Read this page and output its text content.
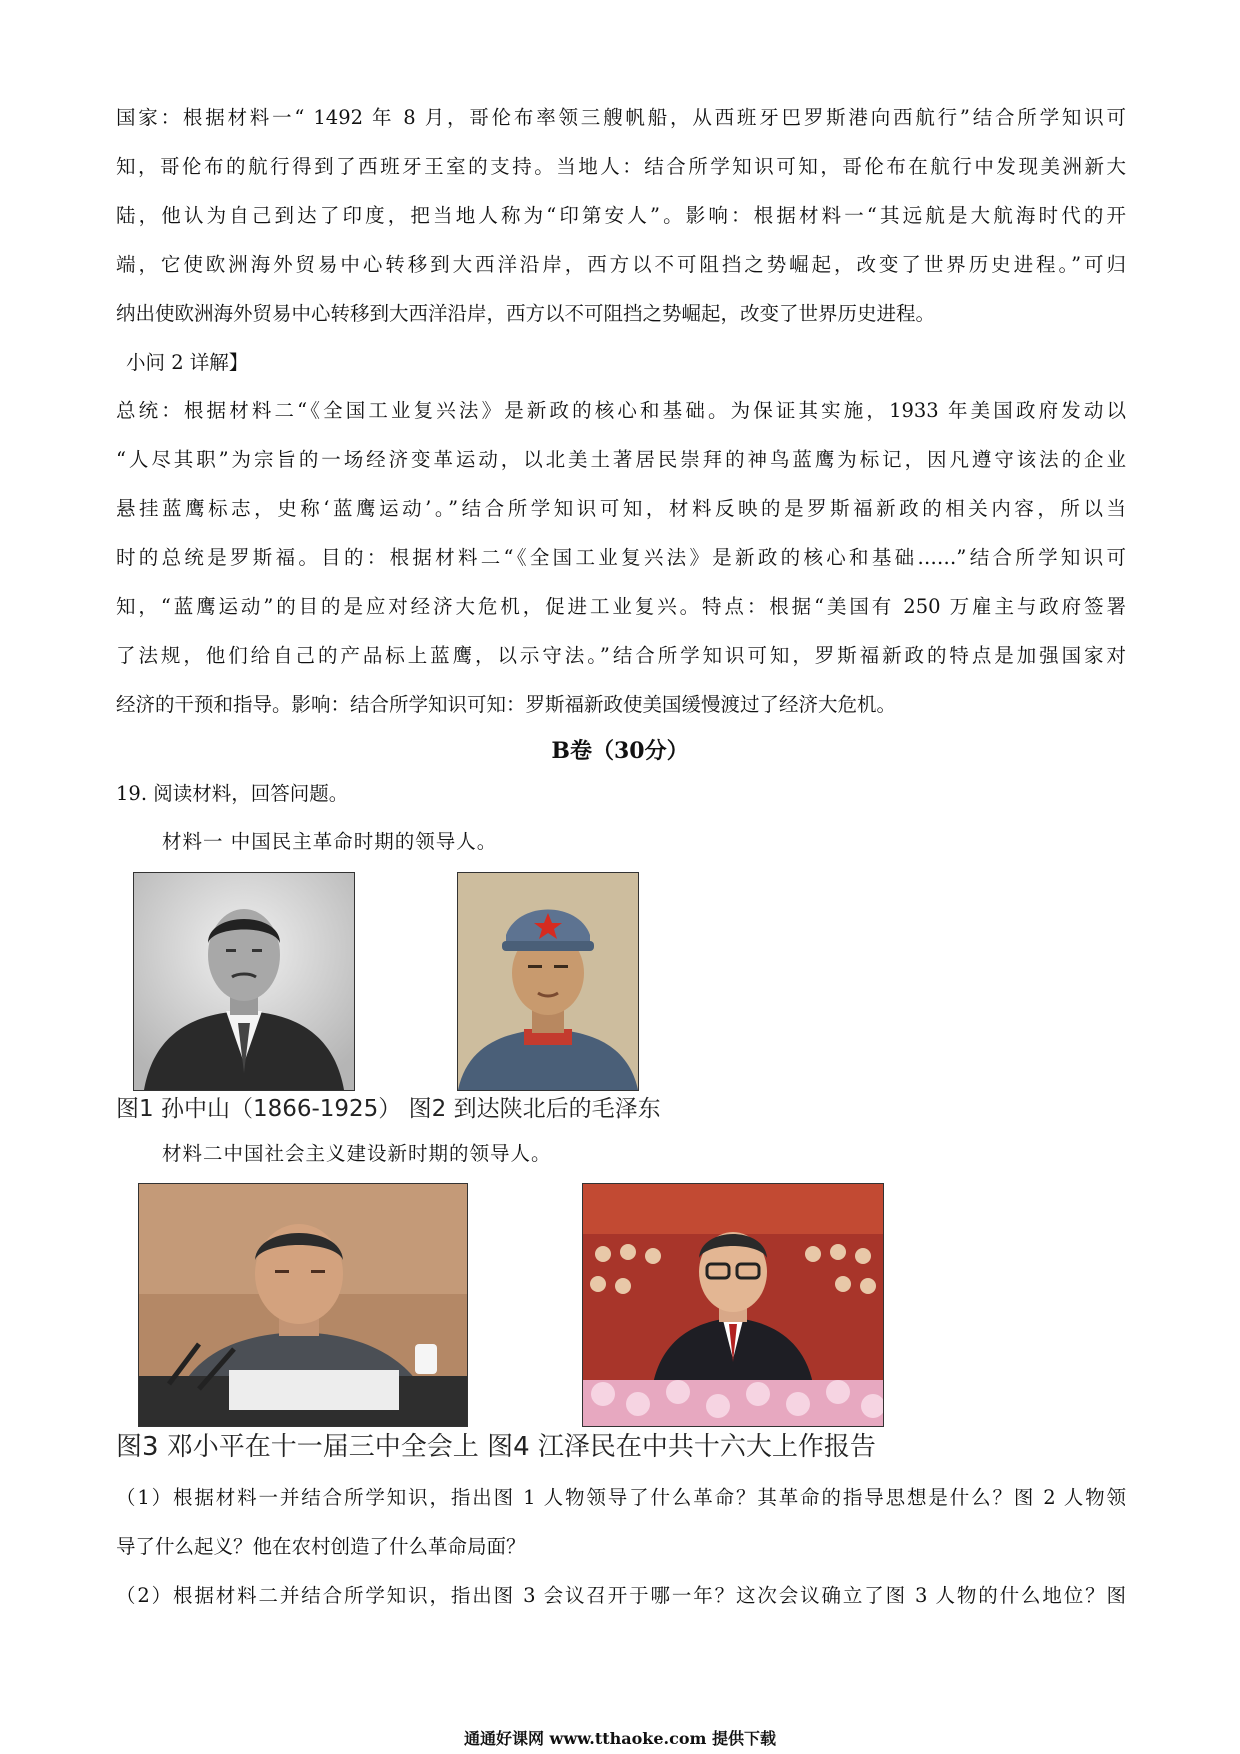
国家：根据材料一“ 1492 年 8 月，哥伦布率领三艘帆船，从西班牙巴罗斯港向西航行”结合所学知识可
知，哥伦布的航行得到了西班牙王室的支持。当地人：结合所学知识可知，哥伦布在航行中发现美洲新大
陆，他认为自己到达了印度，把当地人称为“印第安人”。影响：根据材料一“其远航是大航海时代的开
端，它使欧洲海外贸易中心转移到大西洋沿岸，西方以不可阻挡之势崛起，改变了世界历史进程。”可归
纳出使欧洲海外贸易中心转移到大西洋沿岸，西方以不可阻挡之势崛起，改变了世界历史进程。
小问 2 详解】
总统：根据材料二“《全国工业复兴法》是新政的核心和基础。为保证其实施，1933 年美国政府发动以
“人尽其职”为宗旨的一场经济变革运动，以北美土著居民崇拜的神鸟蓝鹰为标记，因凡遵守该法的企业
悬挂蓝鹰标志，史称‘蓝鹰运动’。”结合所学知识可知，材料反映的是罗斯福新政的相关内容，所以当
时的总统是罗斯福。目的：根据材料二“《全国工业复兴法》是新政的核心和基础……”结合所学知识可
知，“蓝鹰运动”的目的是应对经济大危机，促进工业复兴。特点：根据“美国有 250 万雇主与政府签署
了法规，他们给自己的产品标上蓝鹰，以示守法。”结合所学知识可知，罗斯福新政的特点是加强国家对
经济的干预和指导。影响：结合所学知识可知：罗斯福新政使美国缓慢渡过了经济大危机。
B卷（30分）
19. 阅读材料，回答问题。
材料一 中国民主革命时期的领导人。
图1 孙中山（1866-1925） 图2 到达陕北后的毛泽东
材料二中国社会主义建设新时期的领导人。
图3 邓小平在十一届三中全会上 图4 江泽民在中共十六大上作报告
（1）根据材料一并结合所学知识，指出图 1 人物领导了什么革命？其革命的指导思想是什么？图 2 人物领
导了什么起义？他在农村创造了什么革命局面？
（2）根据材料二并结合所学知识，指出图 3 会议召开于哪一年？这次会议确立了图 3 人物的什么地位？图
通通好课网 www.tthaoke.com 提供下载
